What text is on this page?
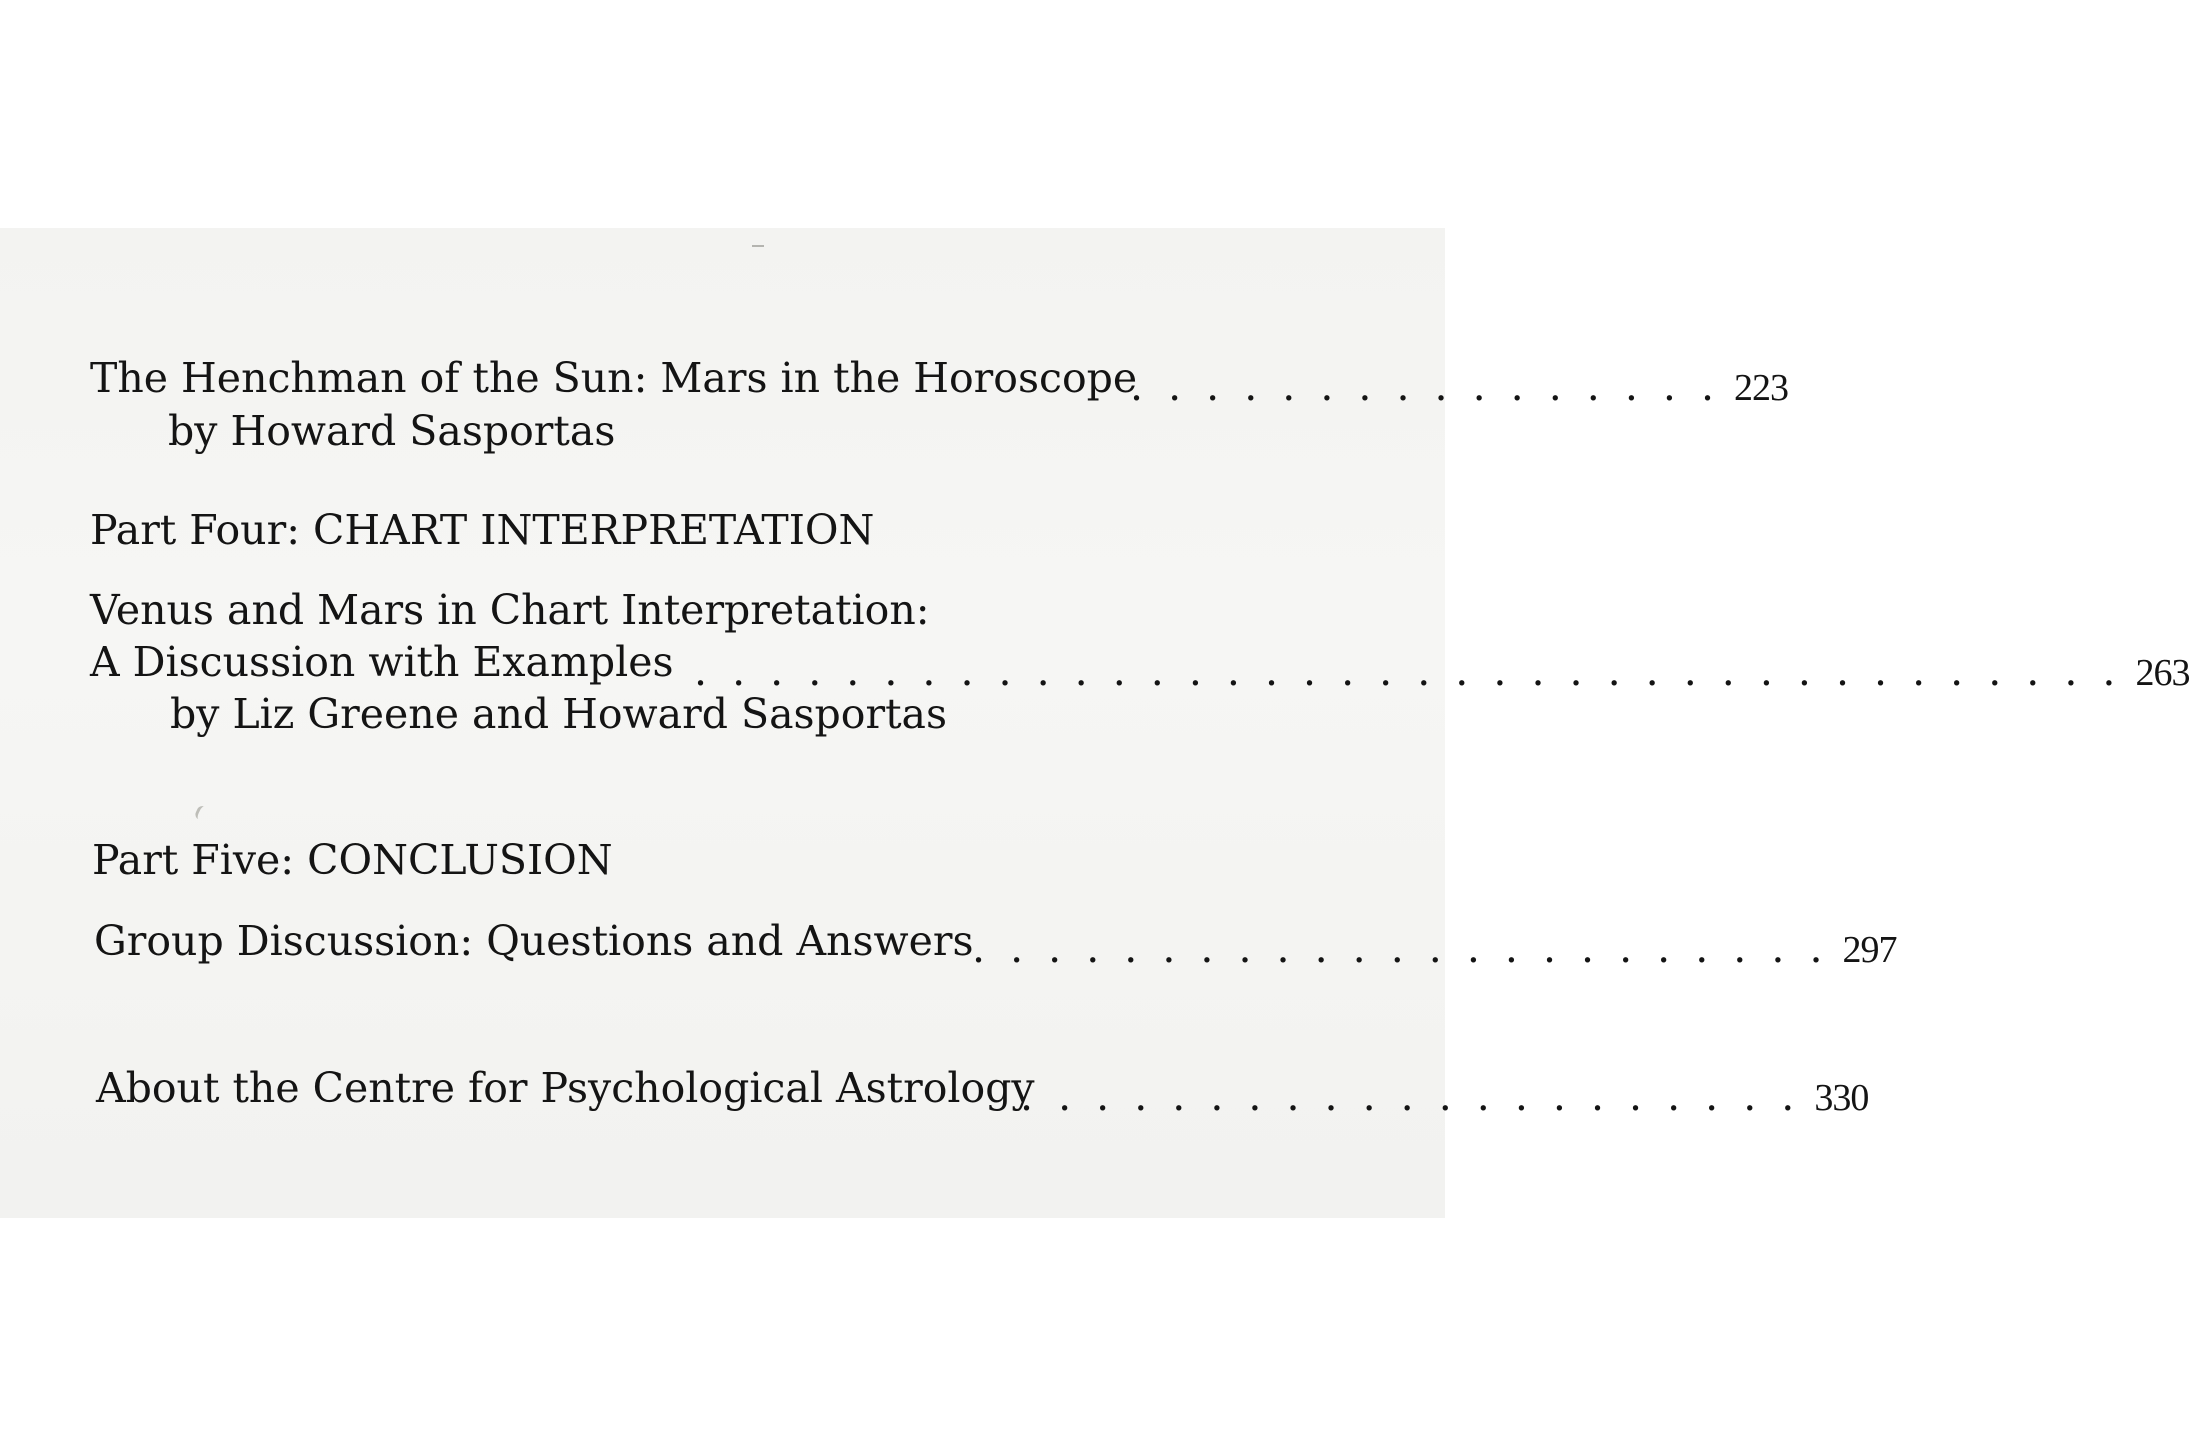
The Henchman of the Sun: Mars in the Horoscope
. . . . . . . . . . . . . . . . 223
by Howard Sasportas
Part Four: CHART INTERPRETATION
Venus and Mars in Chart Interpretation:
A Discussion with Examples . . . . . . . . . . . . . . . . . . . . . . . . . . . . . . . . . . . . . . 263
by Liz Greene and Howard Sasportas
Part Five: CONCLUSION
Group Discussion: Questions and Answers
. . . . . . . . . . . . . . . . . . . . . . . 297
About the Centre for Psychological Astrology
. . . . . . . . . . . . . . . . . . . . . 330
